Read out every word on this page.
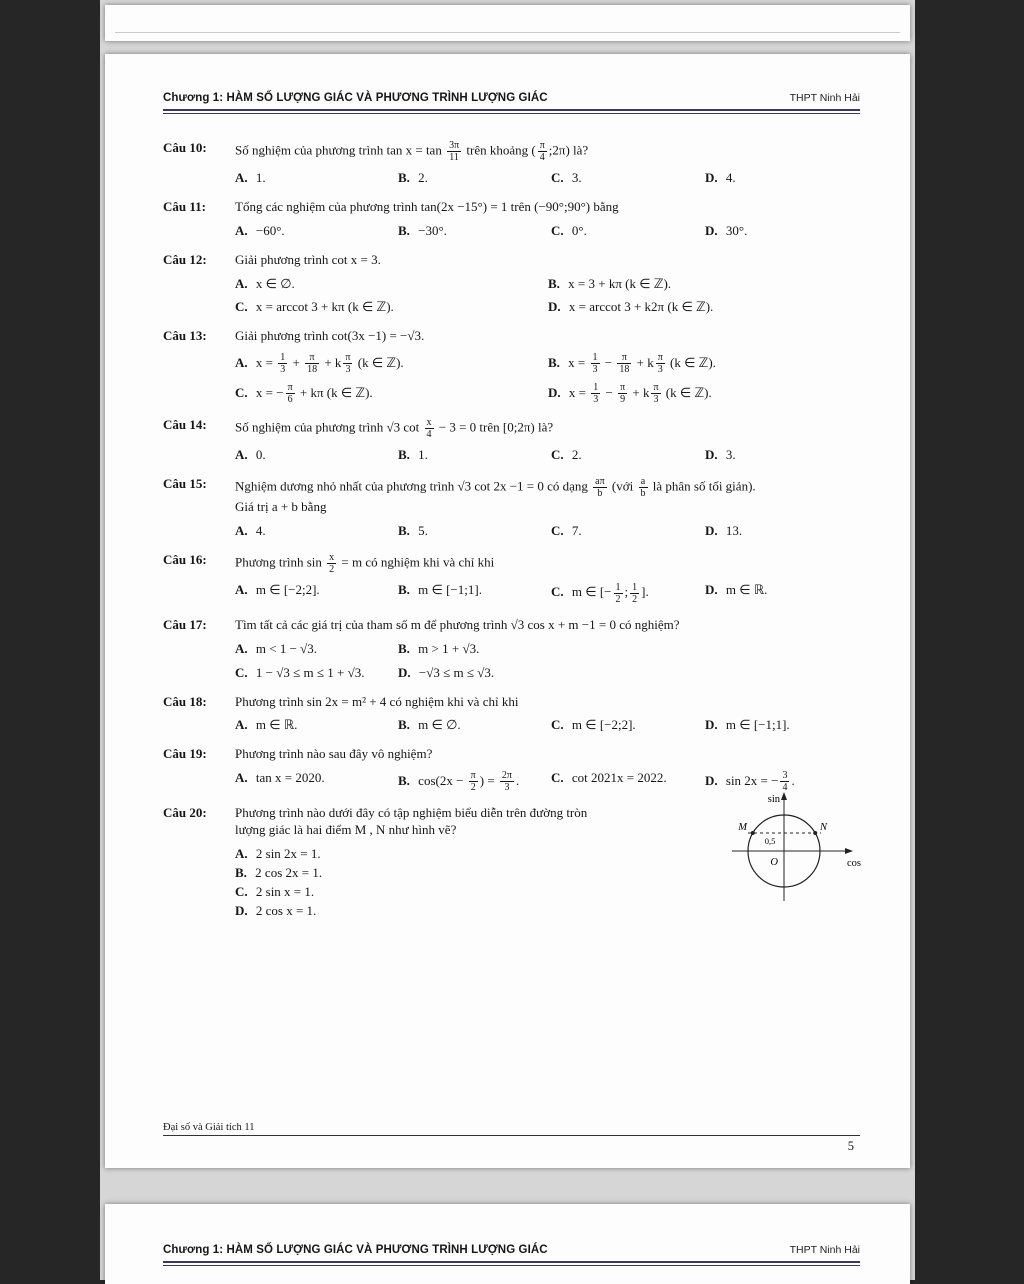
Chương 1: HÀM SỐ LƯỢNG GIÁC VÀ PHƯƠNG TRÌNH LƯỢNG GIÁC	THPT Ninh Hải
Câu 10:	Số nghiệm của phương trình $\tan x = \tan \frac{3\pi}{11}$ trên khoảng ( $\frac{\pi}{4}$ ;2π) là?
A. 1.	B. 2.	C. 3.	D. 4.
Câu 11:	Tổng các nghiệm của phương trình tan(2x −15°) = 1 trên (−90°;90°) bằng
A. −60°.	B. −30°.	C. 0°.	D. 30°.
Câu 12:	Giải phương trình cot x = 3.
A. x ∈ ∅.	B. x = 3 + kπ (k ∈ ℤ).
C. x = arccot 3 + kπ (k ∈ ℤ).	D. x = arccot 3 + k2π (k ∈ ℤ).
Câu 13:	Giải phương trình cot(3x −1) = −√3.
A. $x = \frac{1}{3} + \frac{\pi}{18} + k \frac{\pi}{3} (k$ ∈ ℤ).	B. $x = \frac{1}{3} - \frac{\pi}{18} + k \frac{\pi}{3} (k$ ∈ ℤ).
C. x = − $\frac{\pi}{6} + k\pi$ (k ∈ ℤ).	D. $x = \frac{1}{3} - \frac{\pi}{9} + k \frac{\pi}{3} (k$ ∈ ℤ).
Câu 14:	Số nghiệm của phương trình √3 $\cot \frac{x}{4} - 3 = 0$ trên [0;2π) là?
A. 0.	B. 1.	C. 2.	D. 3.
Câu 15:	Nghiệm dương nhỏ nhất của phương trình √3 cot 2x −1 = 0 có dạng $\frac{a\pi}{b}$ (với $\frac{a}{b}$ là phân số tối giản).
Giá trị a + b bằng
A. 4.	B. 5.	C. 7.	D. 13.
Câu 16:	Phương trình $\sin \frac{x}{2} = m$ có nghiệm khi và chỉ khi
A. m ∈ [−2;2].	B. m ∈ [−1;1].	C. m ∈ [− $\frac{1}{2}$ ; $\frac{1}{2}$ ].	D. m ∈ ℝ.
Câu 17:	Tìm tất cả các giá trị của tham số m để phương trình √3 cos x + m −1 = 0 có nghiệm?
A. m < 1 − √3.	B. m > 1 + √3.
C. 1 − √3 ≤ m ≤ 1 + √3.	D. −√3 ≤ m ≤ √3.
Câu 18:	Phương trình sin 2x = m² + 4 có nghiệm khi và chỉ khi
A. m ∈ ℝ.	B. m ∈ ∅.	C. m ∈ [−2;2].	D. m ∈ [−1;1].
Câu 19:	Phương trình nào sau đây vô nghiệm?
A. tan x = 2020.	B. $\cos(2x - \frac{\pi}{2}$ ) = $\frac{2\pi}{3}$ .	C. cot 2021x = 2022.	D. sin 2x = − $\frac{3}{4}$ .
sin
cos
M	N
O
0,5
Câu 20:	Phương trình nào dưới đây có tập nghiệm biểu diễn trên đường tròn
lượng giác là hai điểm M , N như hình vẽ?
A. 2 sin 2x = 1.
B. 2 cos 2x = 1.
C. 2 sin x = 1.
D. 2 cos x = 1.
Đại số và Giải tích 11
5
Chương 1: HÀM SỐ LƯỢNG GIÁC VÀ PHƯƠNG TRÌNH LƯỢNG GIÁC	THPT Ninh Hải
